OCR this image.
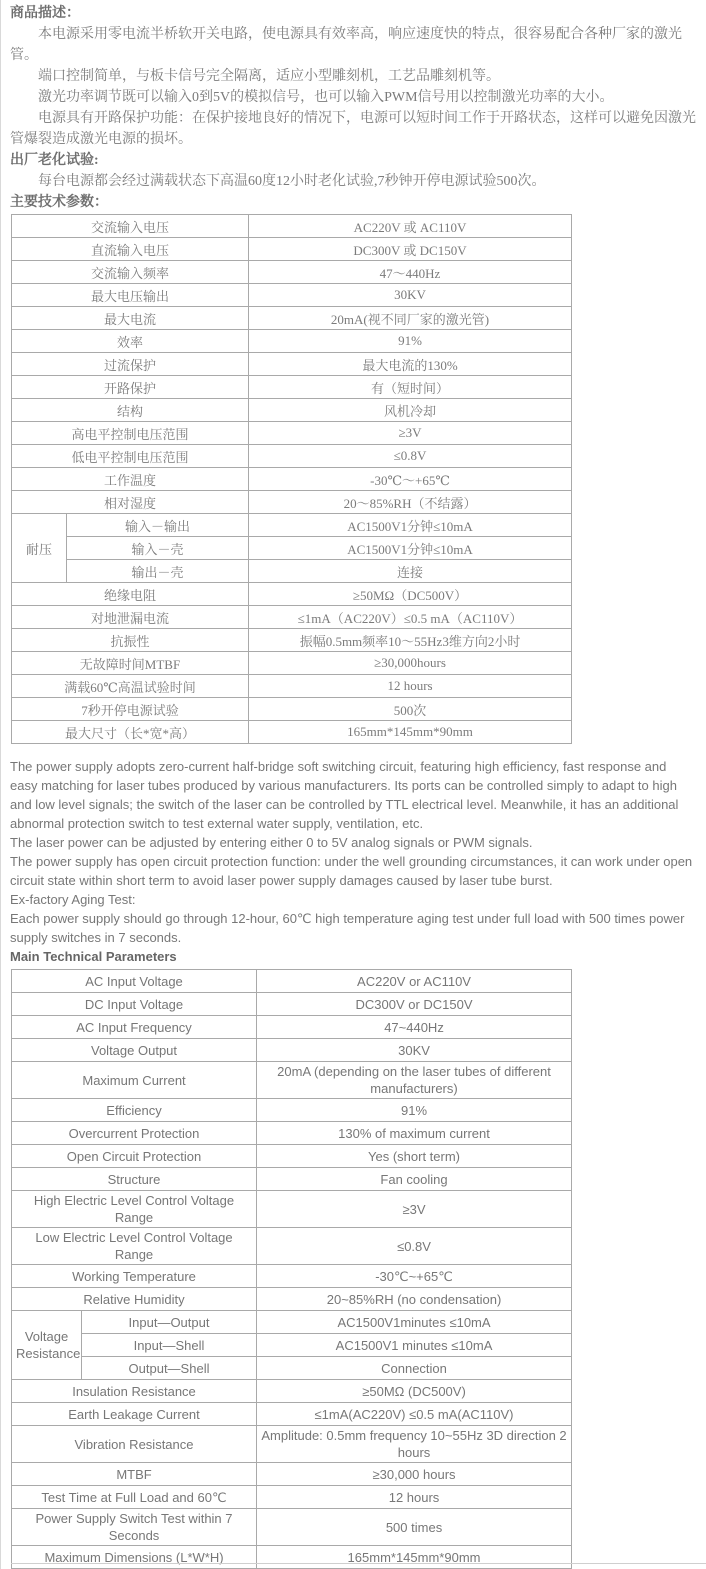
商品描述：

本电源采用零电流半桥软开关电路，使电源具有效率高，响应速度快的特点，很容易配合各种厂家的激光管。

端口控制简单，与板卡信号完全隔离，适应小型雕刻机，工艺品雕刻机等。

激光功率调节既可以输入0到5V的模拟信号，也可以输入PWM信号用以控制激光功率的大小。

电源具有开路保护功能：在保护接地良好的情况下，电源可以短时间工作于开路状态，这样可以避免因激光管爆裂造成激光电源的损坏。

出厂老化试验:

每台电源都会经过满载状态下高温60度12小时老化试验,7秒钟开停电源试验500次。

主要技术参数：
交流输入电压		AC220V 或 AC110V
直流输入电压		DC300V 或 DC150V
交流输入频率		47～440Hz
最大电压输出		30KV
最大电流		20mA(视不同厂家的激光管)
效率		91%
过流保护		最大电流的130%
开路保护		有（短时间）
结构		风机冷却
高电平控制电压范围		≥3V
低电平控制电压范围		≤0.8V
工作温度		-30℃～+65℃
相对湿度		20～85%RH（不结露）
耐压	输入－输出	AC1500V1分钟≤10mA
	输入－壳	AC1500V1分钟≤10mA
	输出－壳	连接
绝缘电阻		≥50MΩ（DC500V）
对地泄漏电流		≤1mA（AC220V）≤0.5 mA（AC110V）
抗振性		振幅0.5mm频率10～55Hz3维方向2小时
无故障时间MTBF		≥30,000hours
满载60℃高温试验时间		12 hours
7秒开停电源试验		500次
最大尺寸（长*宽*高）		165mm*145mm*90mm

The power supply adopts zero-current half-bridge soft switching circuit, featuring high efficiency, fast response and easy matching for laser tubes produced by various manufacturers. Its ports can be controlled simply to adapt to high and low level signals; the switch of the laser can be controlled by TTL electrical level. Meanwhile, it has an additional abnormal protection switch to test external water supply, ventilation, etc.

The laser power can be adjusted by entering either 0 to 5V analog signals or PWM signals.

The power supply has open circuit protection function: under the well grounding circumstances, it can work under open circuit state within short term to avoid laser power supply damages caused by laser tube burst.

Ex-factory Aging Test:

Each power supply should go through 12-hour, 60℃ high temperature aging test under full load with 500 times power supply switches in 7 seconds.

Main Technical Parameters

AC Input Voltage		AC220V or AC110V
DC Input Voltage		DC300V or DC150V
AC Input Frequency		47~440Hz
Voltage Output		30KV
Maximum Current		20mA (depending on the laser tubes of different manufacturers)
Efficiency		91%
Overcurrent Protection		130% of maximum current
Open Circuit Protection		Yes (short term)
Structure		Fan cooling
High Electric Level Control Voltage Range		≥3V
Low Electric Level Control Voltage Range		≤0.8V
Working Temperature		-30℃~+65℃
Relative Humidity		20~85%RH (no condensation)
Voltage Resistance	Input—Output	AC1500V1minutes ≤10mA
	Input—Shell	AC1500V1 minutes ≤10mA
	Output—Shell	Connection
Insulation Resistance		≥50MΩ (DC500V)
Earth Leakage Current		≤1mA(AC220V) ≤0.5 mA(AC110V)
Vibration Resistance		Amplitude: 0.5mm frequency 10~55Hz 3D direction 2 hours
MTBF		≥30,000 hours
Test Time at Full Load and 60℃		12 hours
Power Supply Switch Test within 7 Seconds		500 times
Maximum Dimensions (L*W*H)		165mm*145mm*90mm
